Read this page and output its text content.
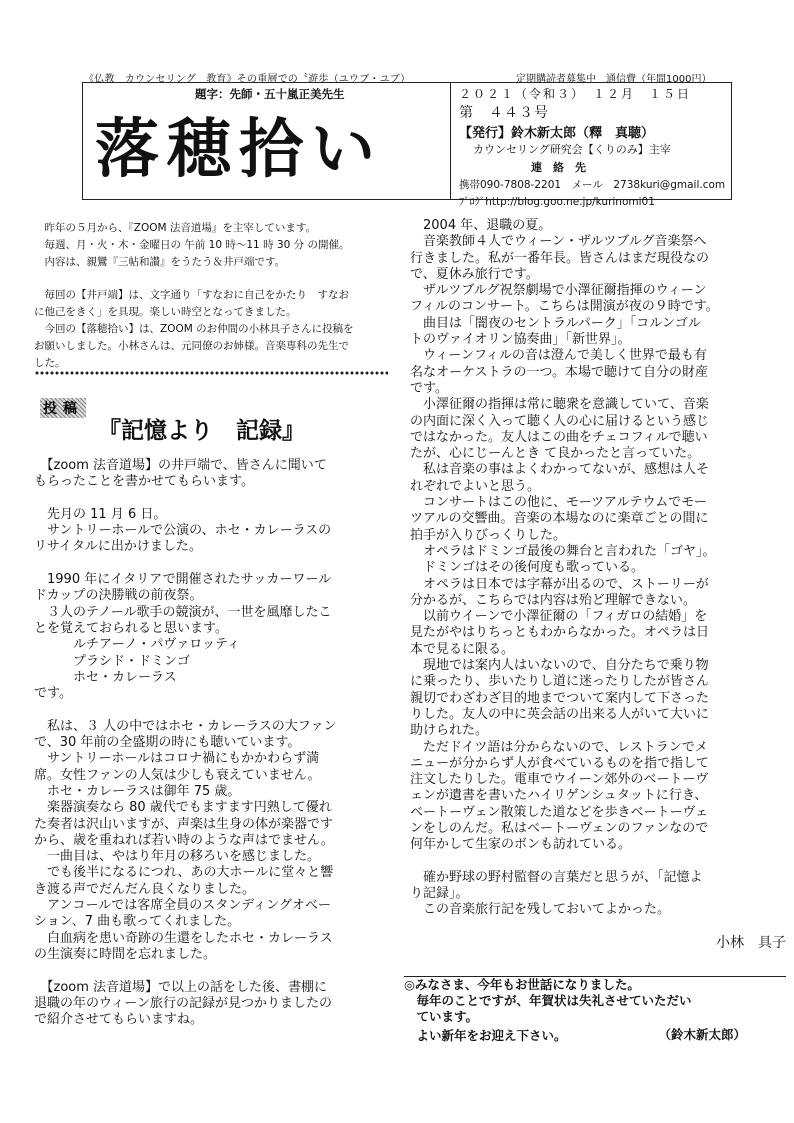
《仏教　カウンセリング　教育》その重層での〝遊歩（ユウブ・ユブ）	定期購読者募集中　通信費（年間1000円）
題字：先師・五十嵐正美先生
落穂拾い
２０２１（令和３）　１２月　１５日
第　４４３号
【発行】鈴木新太郎（釋　真聴）
カウンセリング研究会【くりのみ】主宰
連　絡　先
携帯090-7808-2201　メール　2738kuri@gmail.com
ﾌﾞﾛｸﾞhttp://blog.goo.ne.jp/kurinomi01

　昨年の５月から、『ZOOM 法音道場』を主宰しています。

　毎週、月・火・木・金曜日の 午前 10 時～11 時 30 分 の開催。

　内容は、親鸞『三帖和讃』をうたう＆井戸端です。

　毎回の【井戸端】は、文字通り「すなおに自己をかたり　すなお

に他己をきく」を具現。楽しい時空となってきました。

　今回の【落穂拾い】は、ZOOM のお仲間の小林具子さんに投稿を

お願いしました。小林さんは、元同僚のお姉様。音楽専科の先生で

した。

投稿
『記憶より　記録』

　【zoom 法音道場】の井戸端で、皆さんに聞いて

もらったことを書かせてもらいます。

　先月の 11 月 6 日。

　サントリーホールで公演の、ホセ・カレーラスの

リサイタルに出かけました。

　1990 年にイタリアで開催されたサッカーワール

ドカップの決勝戦の前夜祭。

　３人のテノール歌手の競演が、一世を風靡したこ

とを覚えておられると思います。

　　　ルチアーノ・パヴァロッティ

　　　プラシド・ドミンゴ

　　　ホセ・カレーラス

です。

　私は、３ 人の中ではホセ・カレーラスの大ファン

で、30 年前の全盛期の時にも聴いています。

　サントリーホールはコロナ禍にもかかわらず満

席。女性ファンの人気は少しも衰えていません。

　ホセ・カレーラスは御年 75 歳。

　楽器演奏なら 80 歳代でもますます円熟して優れ

た奏者は沢山いますが、声楽は生身の体が楽器です

から、歳を重ねれば若い時のような声はでません。

　一曲目は、やはり年月の移ろいを感じました。

　でも後半になるにつれ、あの大ホールに堂々と響

き渡る声でだんだん良くなりました。

　アンコールでは客席全員のスタンディングオベー

ション、7 曲も歌ってくれました。

　白血病を患い奇跡の生還をしたホセ・カレーラス

の生演奏に時間を忘れました。

　【zoom 法音道場】で以上の話をした後、書棚に

退職の年のウィーン旅行の記録が見つかりましたの

で紹介させてもらいますね。

　2004 年、退職の夏。

　音楽教師４人でウィーン・ザルツブルグ音楽祭へ

行きました。私が一番年長。皆さんはまだ現役なの

で、夏休み旅行です。

　ザルツブルグ祝祭劇場で小澤征爾指揮のウィーン

フィルのコンサート。こちらは開演が夜の９時です。

　曲目は「闇夜のセントラルパーク」「コルンゴル

トのヴァイオリン協奏曲」「新世界」。

　ウィーンフィルの音は澄んで美しく世界で最も有

名なオーケストラの一つ。本場で聴けて自分の財産

です。

　小澤征爾の指揮は常に聴衆を意識していて、音楽

の内面に深く入って聴く人の心に届けるという感じ

ではなかった。友人はこの曲をチェコフィルで聴い

たが、心にじーんとき て良かったと言っていた。

　私は音楽の事はよくわかってないが、感想は人そ

れぞれでよいと思う。

　コンサートはこの他に、モーツアルテウムでモー

ツアルの交響曲。音楽の本場なのに楽章ごとの間に

拍手が入りびっくりした。

　オペラはドミンゴ最後の舞台と言われた「ゴヤ」。

　ドミンゴはその後何度も歌っている。

　オペラは日本では字幕が出るので、ストーリーが

分かるが、こちらでは内容は殆ど理解できない。

　以前ウイーンで小澤征爾の「フィガロの結婚」を

見たがやはりちっともわからなかった。オペラは日

本で見るに限る。

　現地では案内人はいないので、自分たちで乗り物

に乗ったり、歩いたりし道に迷ったりしたが皆さん

親切でわざわざ目的地までついて案内して下さった

りした。友人の中に英会話の出来る人がいて大いに

助けられた。

　ただドイツ語は分からないので、レストランでメ

ニューが分からず人が食べているものを指で指して

注文したりした。電車でウイーン郊外のベートーヴ

ェンが遺書を書いたハイリゲンシュタットに行き、

ベートーヴェン散策した道などを歩きベートーヴェ

ンをしのんだ。私はベートーヴェンのファンなので

何年かして生家のボンも訪れている。

　確か野球の野村監督の言葉だと思うが、「記憶よ

り記録」。

　この音楽旅行記を残しておいてよかった。

小林　具子

◎みなさま、今年もお世話になりました。

　毎年のことですが、年賀状は失礼させていただい

　ています。

　よい新年をお迎え下さい。	（鈴木新太郎）
